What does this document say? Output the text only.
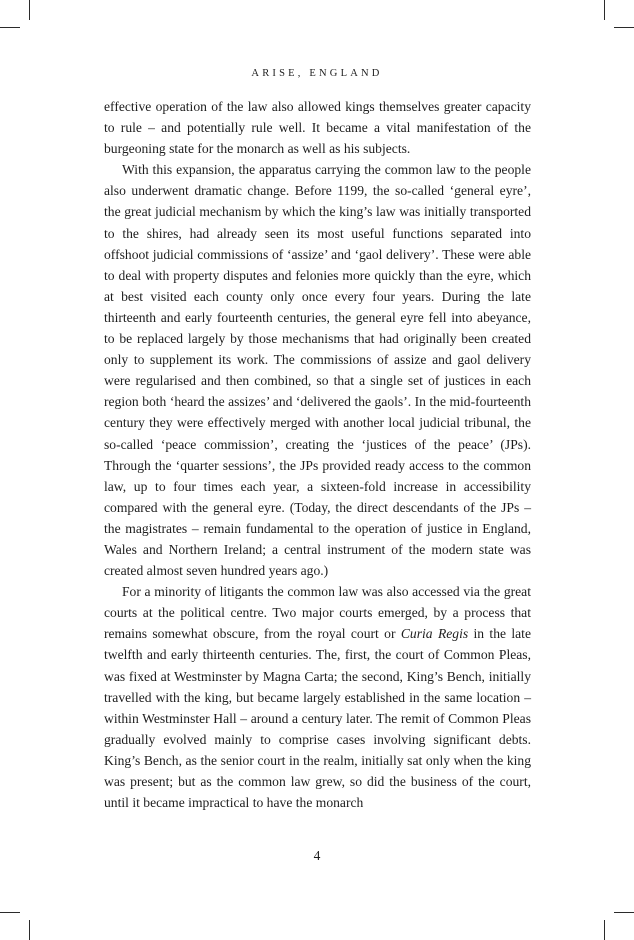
ARISE, ENGLAND

effective operation of the law also allowed kings themselves greater capacity to rule – and potentially rule well. It became a vital manifestation of the burgeoning state for the monarch as well as his subjects.

With this expansion, the apparatus carrying the common law to the people also underwent dramatic change. Before 1199, the so-called ‘general eyre’, the great judicial mechanism by which the king’s law was initially transported to the shires, had already seen its most useful functions separated into offshoot judicial commissions of ‘assize’ and ‘gaol delivery’. These were able to deal with property disputes and felonies more quickly than the eyre, which at best visited each county only once every four years. During the late thirteenth and early fourteenth centuries, the general eyre fell into abeyance, to be replaced largely by those mechanisms that had originally been created only to supplement its work. The commissions of assize and gaol delivery were regularised and then combined, so that a single set of justices in each region both ‘heard the assizes’ and ‘delivered the gaols’. In the mid-fourteenth century they were effectively merged with another local judicial tribunal, the so-called ‘peace commission’, creating the ‘justices of the peace’ (JPs). Through the ‘quarter sessions’, the JPs provided ready access to the common law, up to four times each year, a sixteen-fold increase in accessibility compared with the general eyre. (Today, the direct descendants of the JPs – the magistrates – remain fundamental to the operation of justice in England, Wales and Northern Ireland; a central instrument of the modern state was created almost seven hundred years ago.)

For a minority of litigants the common law was also accessed via the great courts at the political centre. Two major courts emerged, by a process that remains somewhat obscure, from the royal court or Curia Regis in the late twelfth and early thirteenth centuries. The, first, the court of Common Pleas, was fixed at Westminster by Magna Carta; the second, King’s Bench, initially travelled with the king, but became largely established in the same location – within Westminster Hall – around a century later. The remit of Common Pleas gradually evolved mainly to comprise cases involving significant debts. King’s Bench, as the senior court in the realm, initially sat only when the king was present; but as the common law grew, so did the business of the court, until it became impractical to have the monarch

4
